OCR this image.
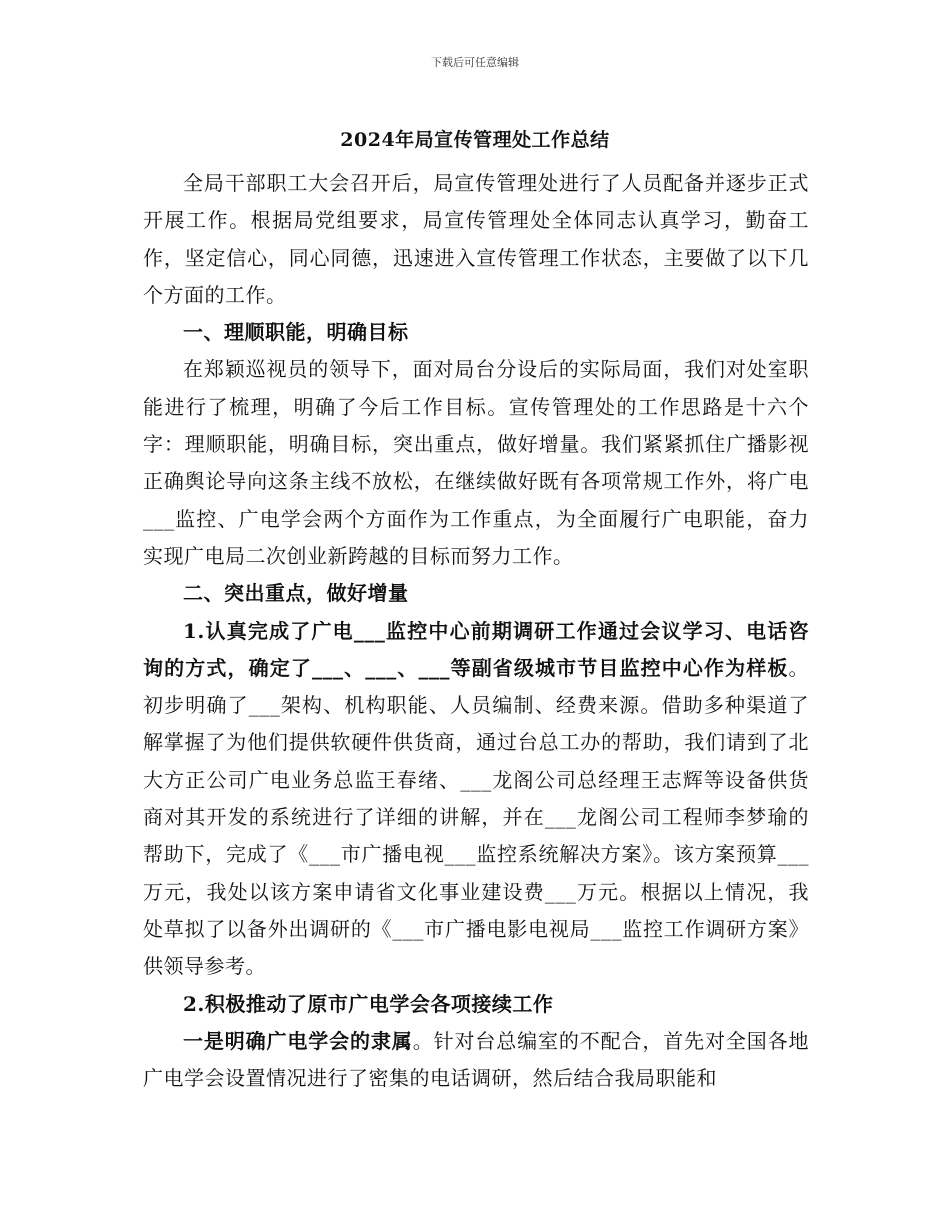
下载后可任意编辑
2024年局宣传管理处工作总结

全局干部职工大会召开后，局宣传管理处进行了人员配备并逐步正式开展工作。根据局党组要求，局宣传管理处全体同志认真学习，勤奋工作，坚定信心，同心同德，迅速进入宣传管理工作状态，主要做了以下几个方面的工作。

一、理顺职能，明确目标

在郑颖巡视员的领导下，面对局台分设后的实际局面，我们对处室职能进行了梳理，明确了今后工作目标。宣传管理处的工作思路是十六个字：理顺职能，明确目标，突出重点，做好增量。我们紧紧抓住广播影视正确舆论导向这条主线不放松，在继续做好既有各项常规工作外，将广电___监控、广电学会两个方面作为工作重点，为全面履行广电职能，奋力实现广电局二次创业新跨越的目标而努力工作。

二、突出重点，做好增量

1.认真完成了广电___监控中心前期调研工作通过会议学习、电话咨询的方式，确定了___、___、___等副省级城市节目监控中心作为样板。初步明确了___架构、机构职能、人员编制、经费来源。借助多种渠道了解掌握了为他们提供软硬件供货商，通过台总工办的帮助，我们请到了北大方正公司广电业务总监王春绪、___龙阁公司总经理王志辉等设备供货商对其开发的系统进行了详细的讲解，并在___龙阁公司工程师李梦瑜的帮助下，完成了《___市广播电视___监控系统解决方案》。该方案预算___万元，我处以该方案申请省文化事业建设费___万元。根据以上情况，我处草拟了以备外出调研的《___市广播电影电视局___监控工作调研方案》供领导参考。

2.积极推动了原市广电学会各项接续工作

一是明确广电学会的隶属。针对台总编室的不配合，首先对全国各地广电学会设置情况进行了密集的电话调研，然后结合我局职能和
